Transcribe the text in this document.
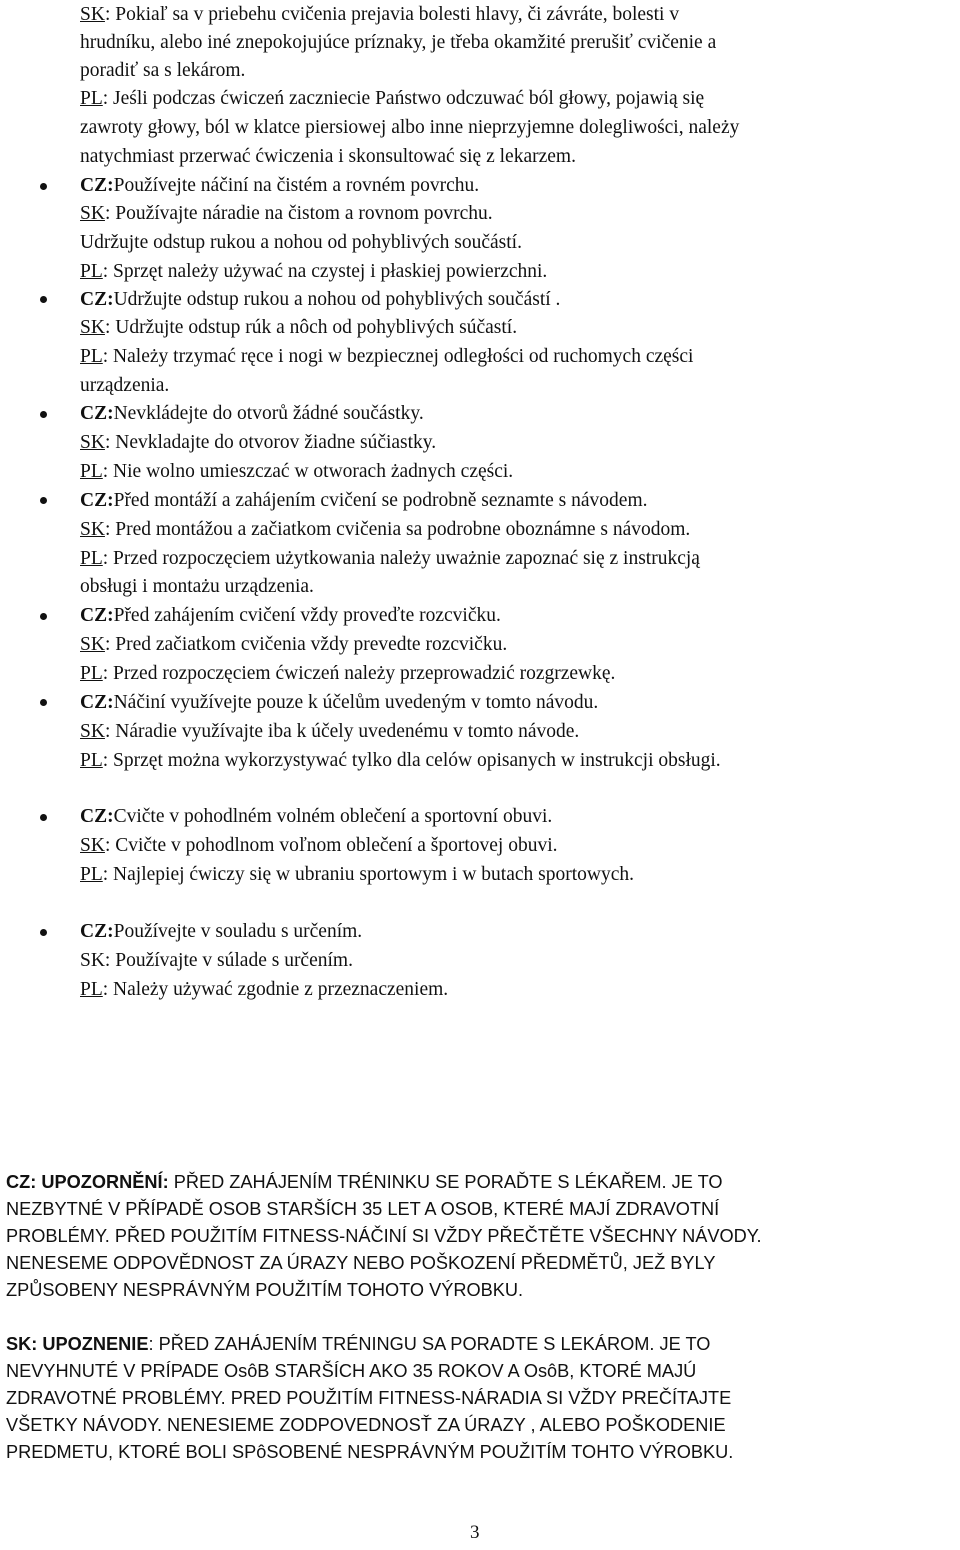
SK: Pokiaľ sa v priebehu cvičenia prejavia bolesti hlavy, či závráte, bolesti v
hrudníku, alebo iné znepokojujúce príznaky, je třeba okamžité prerušiť cvičenie a
poradiť sa s lekárom.
PL: Jeśli podczas ćwiczeń zaczniecie Państwo odczuwać ból głowy, pojawią się
zawroty głowy, ból w klatce piersiowej albo inne nieprzyjemne dolegliwości, należy
natychmiast przerwać ćwiczenia i skonsultować się z lekarzem.
CZ:Používejte náčiní na čistém a rovném povrchu.
SK: Používajte náradie na čistom a rovnom povrchu.
Udržujte odstup rukou a nohou od pohyblivých součástí.
PL: Sprzęt należy używać na czystej i płaskiej powierzchni.
CZ:Udržujte odstup rukou a nohou od pohyblivých součástí .
SK: Udržujte odstup rúk a nôch od pohyblivých súčastí.
PL: Należy trzymać ręce i nogi w bezpiecznej odległości od ruchomych części
urządzenia.
CZ:Nevkládejte do otvorů žádné součástky.
SK: Nevkladajte do otvorov žiadne súčiastky.
PL: Nie wolno umieszczać w otworach żadnych części.
CZ:Před montáží a zahájením cvičení se podrobně seznamte s návodem.
SK: Pred montážou a začiatkom cvičenia sa podrobne oboznámne s návodom.
PL: Przed rozpoczęciem użytkowania należy uważnie zapoznać się z instrukcją
obsługi i montażu urządzenia.
CZ:Před zahájením cvičení vždy proveďte rozcvičku.
SK: Pred začiatkom cvičenia vždy prevedte rozcvičku.
PL: Przed rozpoczęciem ćwiczeń należy przeprowadzić rozgrzewkę.
CZ:Náčiní využívejte pouze k účelům uvedeným v tomto návodu.
SK: Náradie využívajte iba k účely uvedenému v tomto návode.
PL: Sprzęt można wykorzystywać tylko dla celów opisanych w instrukcji obsługi.
CZ:Cvičte v pohodlném volném oblečení a sportovní obuvi.
SK: Cvičte v pohodlnom voľnom oblečení a športovej obuvi.
PL: Najlepiej ćwiczy się w ubraniu sportowym i w butach sportowych.
CZ:Používejte v souladu s určením.
SK: Používajte v súlade s určením.
PL: Należy używać zgodnie z przeznaczeniem.
CZ: UPOZORNĚNÍ: PŘED ZAHÁJENÍM TRÉNINKU SE PORAĎTE S LÉKAŘEM. JE TO
NEZBYTNÉ V PŘÍPADĚ OSOB STARŠÍCH 35 LET A OSOB, KTERÉ MAJÍ ZDRAVOTNÍ
PROBLÉMY. PŘED POUŽITÍM FITNESS-NÁČINÍ SI VŽDY PŘEČTĚTE VŠECHNY NÁVODY.
NENESEME ODPOVĚDNOST ZA ÚRAZY NEBO POŠKOZENÍ PŘEDMĚTŮ, JEŽ BYLY
ZPŮSOBENY NESPRÁVNÝM POUŽITÍM TOHOTO VÝROBKU.
SK: UPOZNENIE: PŘED ZAHÁJENÍM TRÉNINGU SA PORADTE S LEKÁROM. JE TO
NEVYHNUTÉ V PRÍPADE OsôB STARŠÍCH AKO 35 ROKOV A OsôB, KTORÉ MAJÚ
ZDRAVOTNÉ PROBLÉMY. PRED POUŽITÍM FITNESS-NÁRADIA SI VŽDY PREČÍTAJTE
VŠETKY NÁVODY. NENESIEME ZODPOVEDNOSŤ ZA ÚRAZY , ALEBO POŠKODENIE
PREDMETU, KTORÉ BOLI SPôSOBENÉ NESPRÁVNÝM POUŽITÍM TOHTO VÝROBKU.
3
